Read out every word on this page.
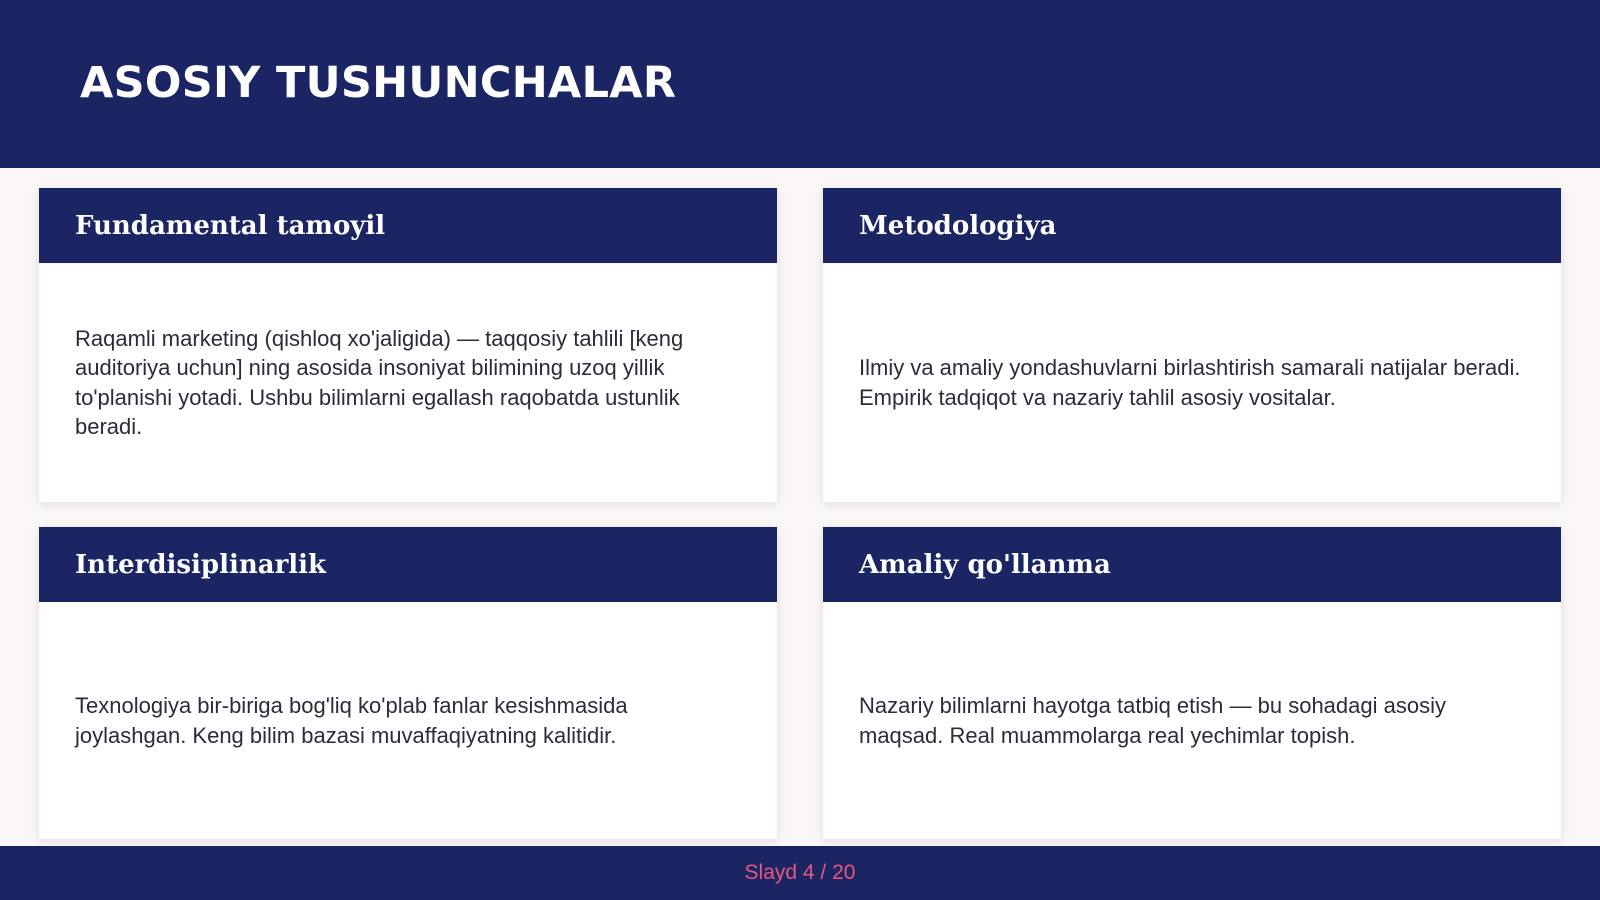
ASOSIY TUSHUNCHALAR
Fundamental tamoyil

Raqamli marketing (qishloq xo'jaligida) — taqqosiy tahlili [keng auditoriya uchun] ning asosida insoniyat bilimining uzoq yillik to'planishi yotadi. Ushbu bilimlarni egallash raqobatda ustunlik beradi.

Metodologiya

Ilmiy va amaliy yondashuvlarni birlashtirish samarali natijalar beradi. Empirik tadqiqot va nazariy tahlil asosiy vositalar.

Interdisiplinarlik

Texnologiya bir-biriga bog'liq ko'plab fanlar kesishmasida joylashgan. Keng bilim bazasi muvaffaqiyatning kalitidir.

Amaliy qo'llanma

Nazariy bilimlarni hayotga tatbiq etish — bu sohadagi asosiy maqsad. Real muammolarga real yechimlar topish.

Slayd 4 / 20
